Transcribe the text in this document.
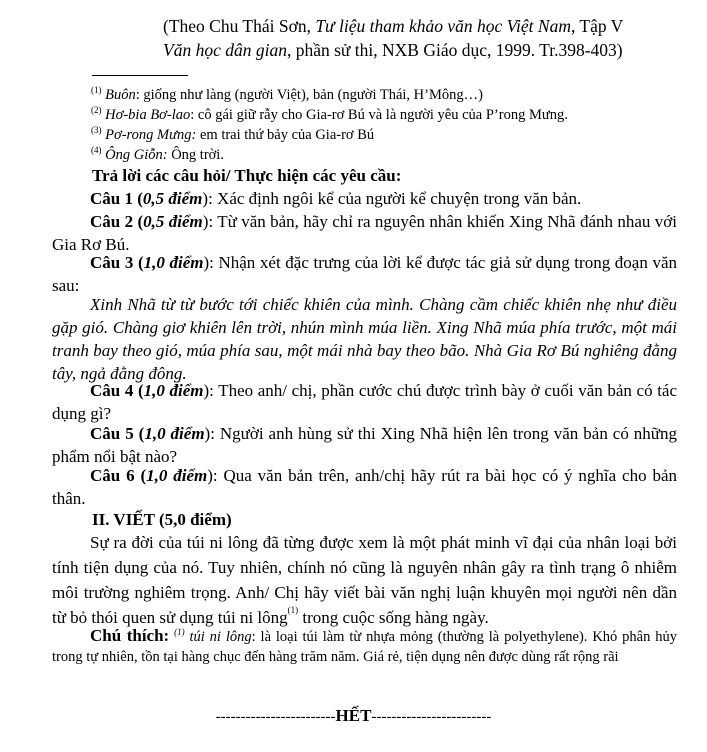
(Theo Chu Thái Sơn, Tư liệu tham khảo văn học Việt Nam, Tập V
Văn học dân gian, phần sử thi, NXB Giáo dục, 1999. Tr.398-403)
$^{(1)}$ Buôn: giống như làng (người Việt), bản (người Thái, H’Mông…)
$^{(2)}$ Hơ-bia Bơ-lao: cô gái giữ rẫy cho Gia-rơ Bú và là người yêu của P’rong Mưng.
$^{(3)}$ Pơ-rong Mưng: em trai thứ bảy của Gia-rơ Bú
$^{(4)}$ Ông Giỗn: Ông trời.
Trả lời các câu hỏi/ Thực hiện các yêu cầu:
Câu 1 (0,5 điểm): Xác định ngôi kể của người kể chuyện trong văn bản.
Câu 2 (0,5 điểm): Từ văn bản, hãy chỉ ra nguyên nhân khiến Xing Nhã đánh nhau với Gia Rơ Bú.
Câu 3 (1,0 điểm): Nhận xét đặc trưng của lời kể được tác giả sử dụng trong đoạn văn sau:
Xinh Nhã từ từ bước tới chiếc khiên của mình. Chàng cầm chiếc khiên nhẹ như điều gặp gió. Chàng giơ khiên lên trời, nhún mình múa liền. Xing Nhã múa phía trước, một mái tranh bay theo gió, múa phía sau, một mái nhà bay theo bão. Nhà Gia Rơ Bú nghiêng đằng tây, ngả đằng đông.
Câu 4 (1,0 điểm): Theo anh/ chị, phần cước chú được trình bày ở cuối văn bản có tác dụng gì?
Câu 5 (1,0 điểm): Người anh hùng sử thi Xing Nhã hiện lên trong văn bản có những phẩm nổi bật nào?
Câu 6 (1,0 điểm): Qua văn bản trên, anh/chị hãy rút ra bài học có ý nghĩa cho bản thân.
II. VIẾT (5,0 điểm)
Sự ra đời của túi ni lông đã từng được xem là một phát minh vĩ đại của nhân loại bởi tính tiện dụng của nó. Tuy nhiên, chính nó cũng là nguyên nhân gây ra tình trạng ô nhiễm môi trường nghiêm trọng. Anh/ Chị hãy viết bài văn nghị luận khuyên mọi người nên dần từ bỏ thói quen sử dụng túi ni lông$^{(1)}$ trong cuộc sống hàng ngày.
Chú thích: $^{(1)}$ túi ni lông: là loại túi làm từ nhựa mỏng (thường là polyethylene). Khó phân hủy trong tự nhiên, tồn tại hàng chục đến hàng trăm năm. Giá rẻ, tiện dụng nên được dùng rất rộng rãi
------------------------HẾT------------------------
